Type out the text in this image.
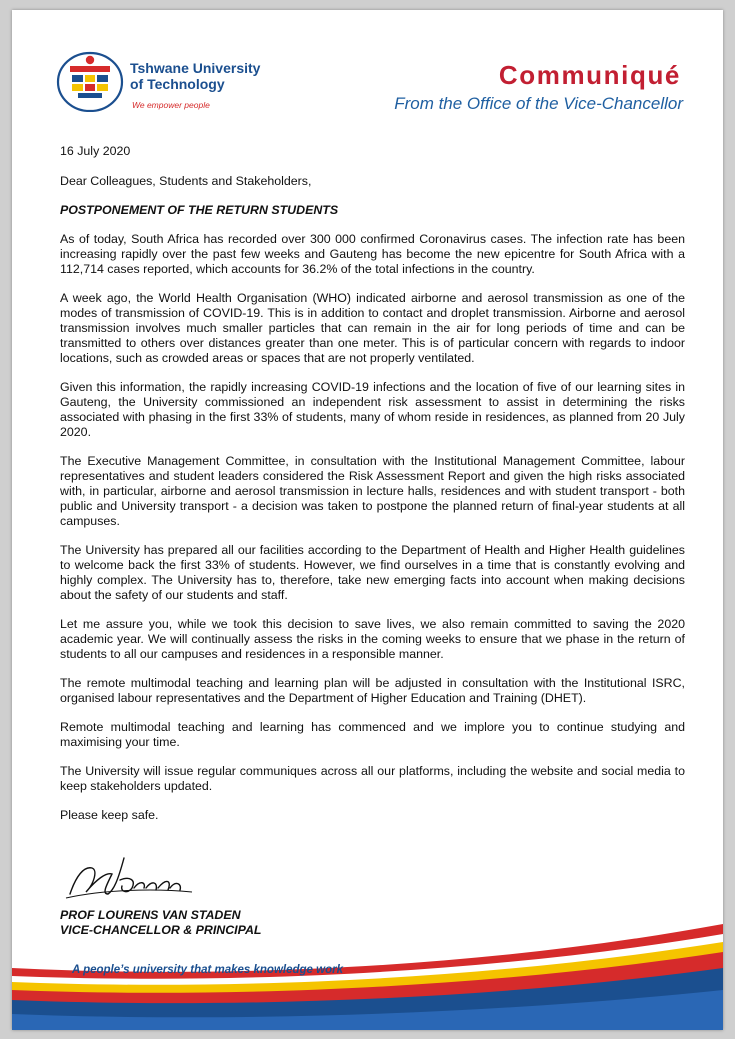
Tshwane University
of Technology
We empower people
Communiqué
From the Office of the Vice-Chancellor

16 July 2020

Dear Colleagues, Students and Stakeholders,

POSTPONEMENT OF THE RETURN STUDENTS

As of today, South Africa has recorded over 300 000 confirmed Coronavirus cases. The infection rate has been increasing rapidly over the past few weeks and Gauteng has become the new epicentre for South Africa with a 112,714 cases reported, which accounts for 36.2% of the total infections in the country.

A week ago, the World Health Organisation (WHO) indicated airborne and aerosol transmission as one of the modes of transmission of COVID-19. This is in addition to contact and droplet transmission. Airborne and aerosol transmission involves much smaller particles that can remain in the air for long periods of time and can be transmitted to others over distances greater than one meter. This is of particular concern with regards to indoor locations, such as crowded areas or spaces that are not properly ventilated.

Given this information, the rapidly increasing COVID-19 infections and the location of five of our learning sites in Gauteng, the University commissioned an independent risk assessment to assist in determining the risks associated with phasing in the first 33% of students, many of whom reside in residences, as planned from 20 July 2020.

The Executive Management Committee, in consultation with the Institutional Management Committee, labour representatives and student leaders considered the Risk Assessment Report and given the high risks associated with, in particular, airborne and aerosol transmission in lecture halls, residences and with student transport - both public and University transport - a decision was taken to postpone the planned return of final-year students at all campuses.

The University has prepared all our facilities according to the Department of Health and Higher Health guidelines to welcome back the first 33% of students. However, we find ourselves in a time that is constantly evolving and highly complex. The University has to, therefore, take new emerging facts into account when making decisions about the safety of our students and staff.

Let me assure you, while we took this decision to save lives, we also remain committed to saving the 2020 academic year. We will continually assess the risks in the coming weeks to ensure that we phase in the return of students to all our campuses and residences in a responsible manner.

The remote multimodal teaching and learning plan will be adjusted in consultation with the Institutional ISRC, organised labour representatives and the Department of Higher Education and Training (DHET).

Remote multimodal teaching and learning has commenced and we implore you to continue studying and maximising your time.

The University will issue regular communiques across all our platforms, including the website and social media to keep stakeholders updated.

Please keep safe.

PROF LOURENS VAN STADEN
VICE-CHANCELLOR & PRINCIPAL
A people’s university that makes knowledge work
